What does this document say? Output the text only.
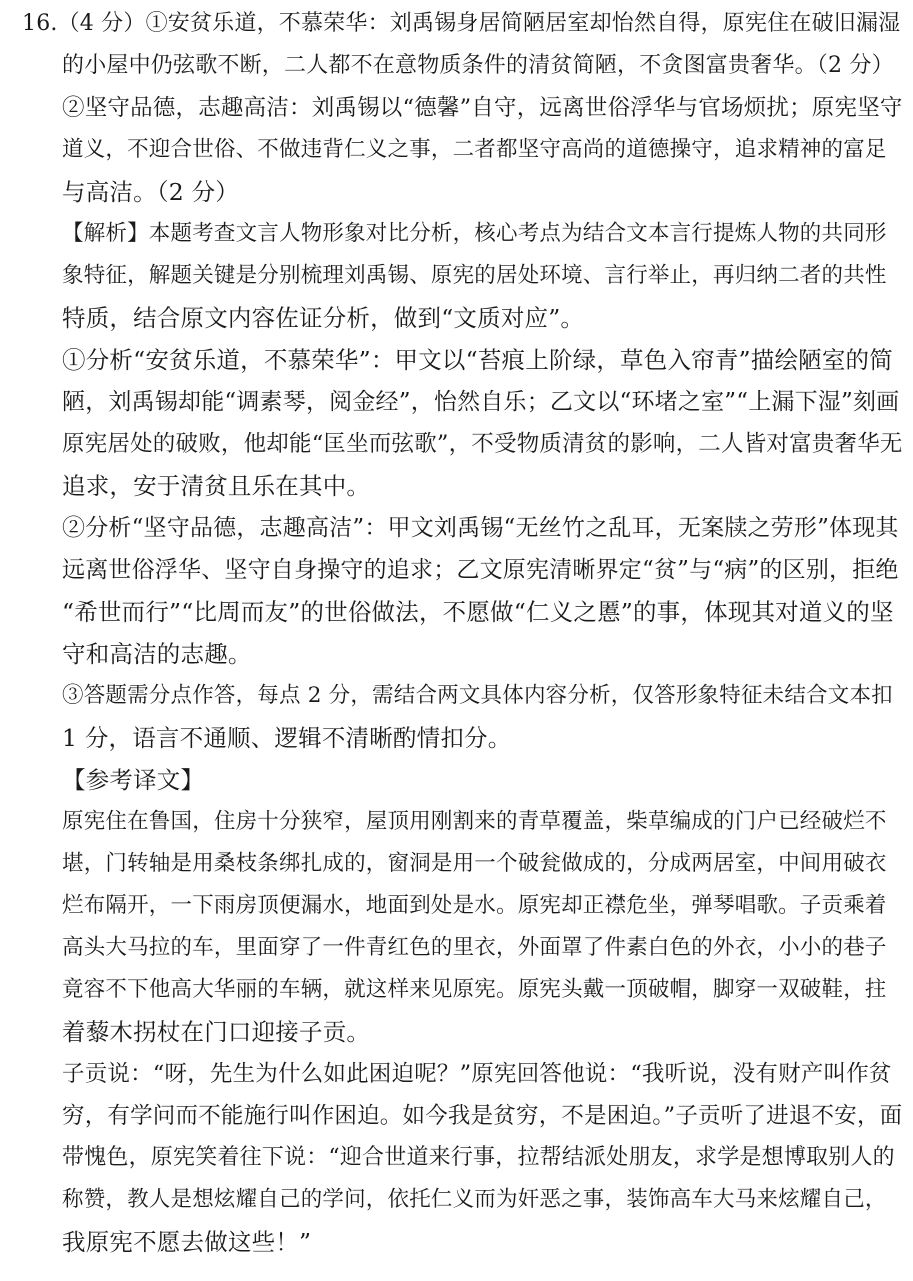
16.（4 分）①安贫乐道，不慕荣华：刘禹锡身居简陋居室却怡然自得，原宪住在破旧漏湿
的小屋中仍弦歌不断，二人都不在意物质条件的清贫简陋，不贪图富贵奢华。（2 分）
②坚守品德，志趣高洁：刘禹锡以“德馨”自守，远离世俗浮华与官场烦扰；原宪坚守
道义，不迎合世俗、不做违背仁义之事，二者都坚守高尚的道德操守，追求精神的富足
与高洁。（2 分）
【解析】本题考查文言人物形象对比分析，核心考点为结合文本言行提炼人物的共同形
象特征，解题关键是分别梳理刘禹锡、原宪的居处环境、言行举止，再归纳二者的共性
特质，结合原文内容佐证分析，做到“文质对应”。
①分析“安贫乐道，不慕荣华”：甲文以“苔痕上阶绿，草色入帘青”描绘陋室的简
陋，刘禹锡却能“调素琴，阅金经”，怡然自乐；乙文以“环堵之室”“上漏下湿”刻画
原宪居处的破败，他却能“匡坐而弦歌”，不受物质清贫的影响，二人皆对富贵奢华无
追求，安于清贫且乐在其中。
②分析“坚守品德，志趣高洁”：甲文刘禹锡“无丝竹之乱耳，无案牍之劳形”体现其
远离世俗浮华、坚守自身操守的追求；乙文原宪清晰界定“贫”与“病”的区别，拒绝
“希世而行”“比周而友”的世俗做法，不愿做“仁义之慝”的事，体现其对道义的坚
守和高洁的志趣。
③答题需分点作答，每点 2 分，需结合两文具体内容分析，仅答形象特征未结合文本扣
1 分，语言不通顺、逻辑不清晰酌情扣分。
【参考译文】
原宪住在鲁国，住房十分狭窄，屋顶用刚割来的青草覆盖，柴草编成的门户已经破烂不
堪，门转轴是用桑枝条绑扎成的，窗洞是用一个破瓮做成的，分成两居室，中间用破衣
烂布隔开，一下雨房顶便漏水，地面到处是水。原宪却正襟危坐，弹琴唱歌。子贡乘着
高头大马拉的车，里面穿了一件青红色的里衣，外面罩了件素白色的外衣，小小的巷子
竟容不下他高大华丽的车辆，就这样来见原宪。原宪头戴一顶破帽，脚穿一双破鞋，拄
着藜木拐杖在门口迎接子贡。
子贡说：“呀，先生为什么如此困迫呢？”原宪回答他说：“我听说，没有财产叫作贫
穷，有学问而不能施行叫作困迫。如今我是贫穷，不是困迫。”子贡听了进退不安，面
带愧色，原宪笑着往下说：“迎合世道来行事，拉帮结派处朋友，求学是想博取别人的
称赞，教人是想炫耀自己的学问，依托仁义而为奸恶之事，装饰高车大马来炫耀自己，
我原宪不愿去做这些！”
